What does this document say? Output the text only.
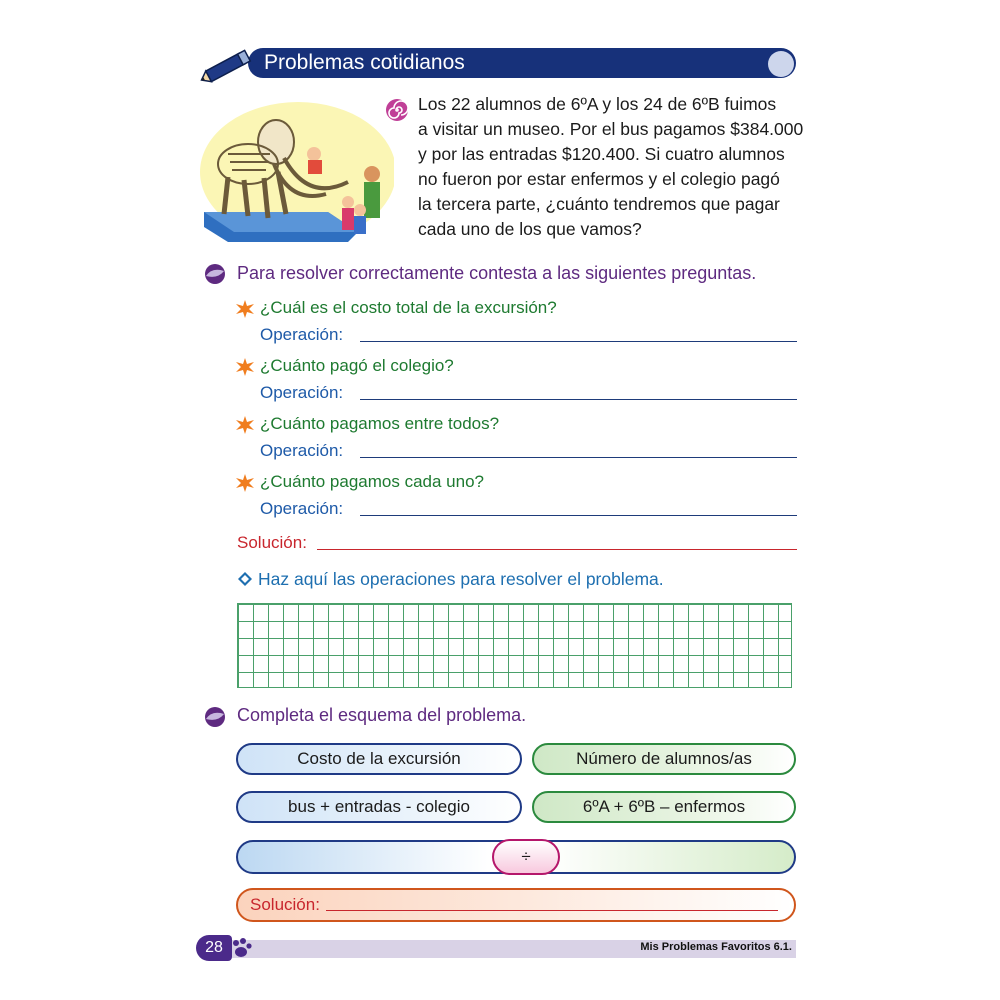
Problemas cotidianos
Los 22 alumnos de 6ºA y los 24 de 6ºB fuimos
a visitar un museo. Por el bus pagamos $384.000
y por las entradas $120.400. Si cuatro alumnos
no fueron por estar enfermos y el colegio pagó
la tercera parte, ¿cuánto tendremos que pagar
cada uno de los que vamos?
Para resolver correctamente contesta a las siguientes preguntas.
¿Cuál es el costo total de la excursión?
Operación:
¿Cuánto pagó el colegio?
Operación:
¿Cuánto pagamos entre todos?
Operación:
¿Cuánto pagamos cada uno?
Operación:
Solución:
Haz aquí las operaciones para resolver el problema.
Completa el esquema del problema.
Costo de la excursión	Número de alumnos/as
bus + entradas - colegio	6ºA + 6ºB – enfermos
÷
Solución:
28	Mis Problemas Favoritos 6.1.
